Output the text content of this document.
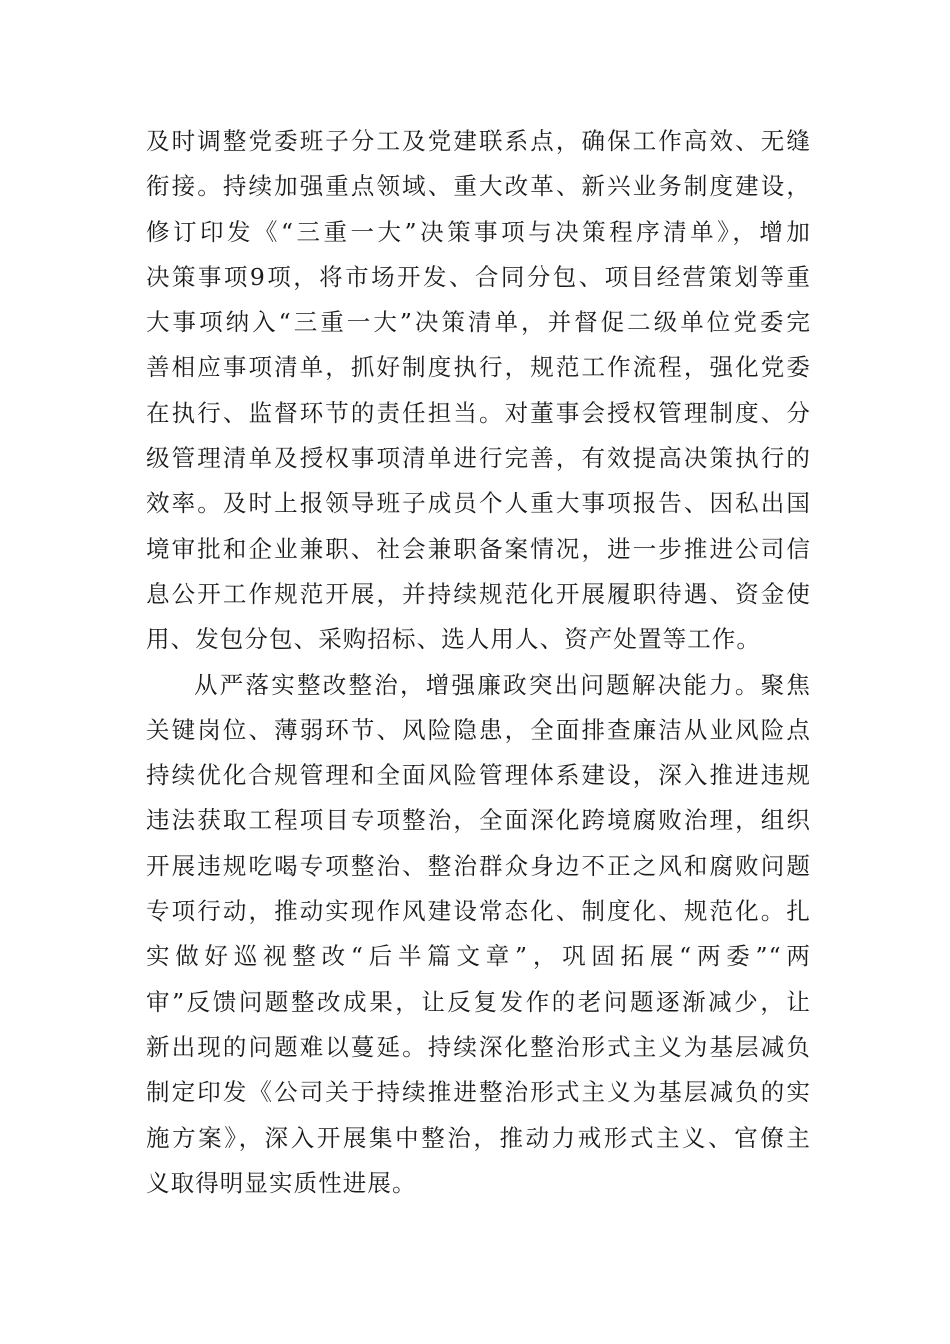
及时调整党委班子分工及党建联系点，确保工作高效、无缝
衔接。持续加强重点领域、重大改革、新兴业务制度建设，
修订印发《“三重一大”决策事项与决策程序清单》，增加
决策事项9项，将市场开发、合同分包、项目经营策划等重
大事项纳入“三重一大”决策清单，并督促二级单位党委完
善相应事项清单，抓好制度执行，规范工作流程，强化党委
在执行、监督环节的责任担当。对董事会授权管理制度、分
级管理清单及授权事项清单进行完善，有效提高决策执行的
效率。及时上报领导班子成员个人重大事项报告、因私出国
境审批和企业兼职、社会兼职备案情况，进一步推进公司信
息公开工作规范开展，并持续规范化开展履职待遇、资金使
用、发包分包、采购招标、选人用人、资产处置等工作。
从严落实整改整治，增强廉政突出问题解决能力。聚焦
关键岗位、薄弱环节、风险隐患，全面排查廉洁从业风险点
持续优化合规管理和全面风险管理体系建设，深入推进违规
违法获取工程项目专项整治，全面深化跨境腐败治理，组织
开展违规吃喝专项整治、整治群众身边不正之风和腐败问题
专项行动，推动实现作风建设常态化、制度化、规范化。扎
实做好巡视整改“后半篇文章”，巩固拓展“两委”“两
审”反馈问题整改成果，让反复发作的老问题逐渐减少，让
新出现的问题难以蔓延。持续深化整治形式主义为基层减负
制定印发《公司关于持续推进整治形式主义为基层减负的实
施方案》，深入开展集中整治，推动力戒形式主义、官僚主
义取得明显实质性进展。
